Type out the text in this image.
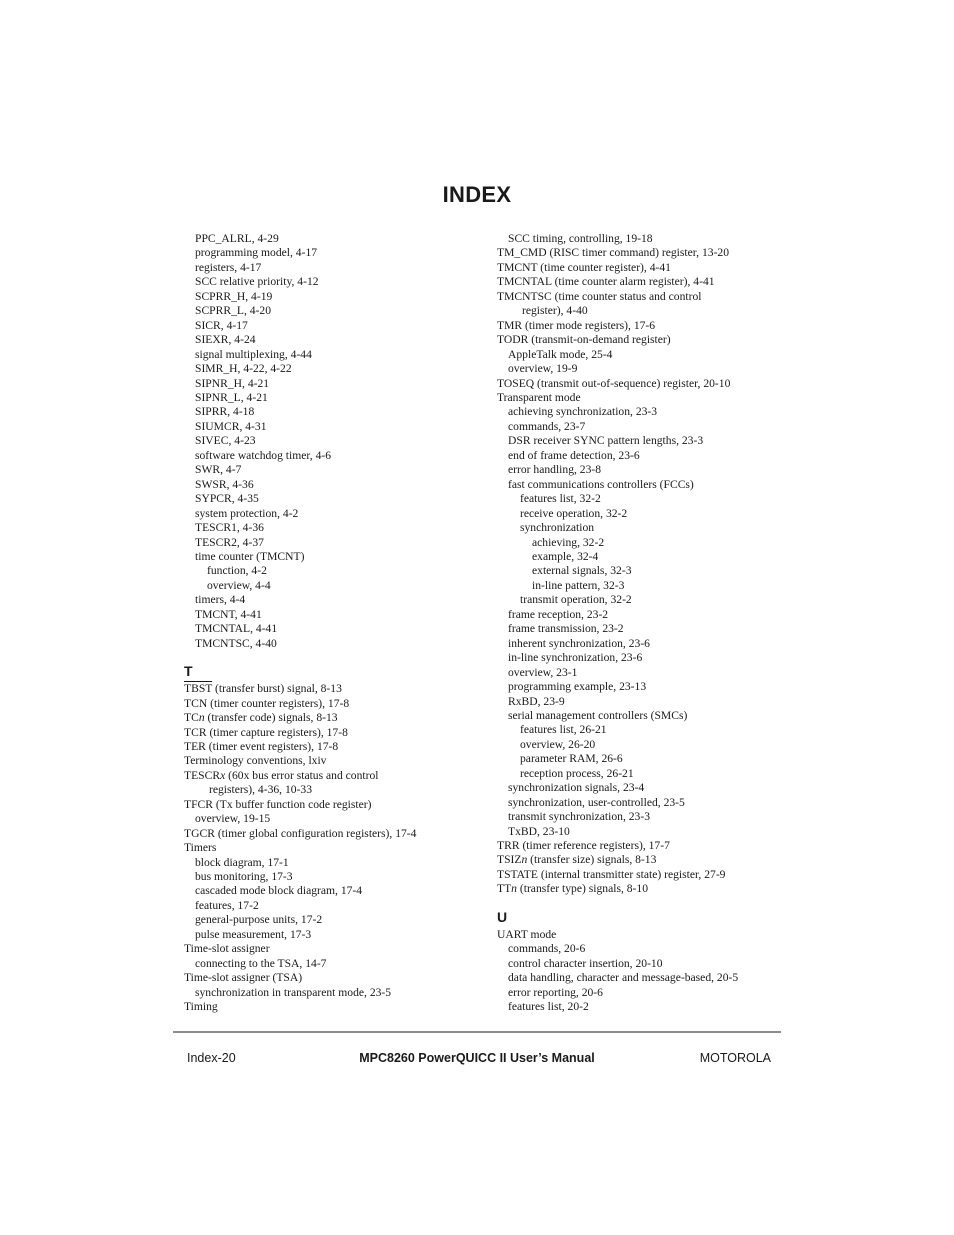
INDEX
PPC_ALRL, 4-29
programming model, 4-17
registers, 4-17
SCC relative priority, 4-12
SCPRR_H, 4-19
SCPRR_L, 4-20
SICR, 4-17
SIEXR, 4-24
signal multiplexing, 4-44
SIMR_H, 4-22, 4-22
SIPNR_H, 4-21
SIPNR_L, 4-21
SIPRR, 4-18
SIUMCR, 4-31
SIVEC, 4-23
software watchdog timer, 4-6
SWR, 4-7
SWSR, 4-36
SYPCR, 4-35
system protection, 4-2
TESCR1, 4-36
TESCR2, 4-37
time counter (TMCNT)
function, 4-2
overview, 4-4
timers, 4-4
TMCNT, 4-41
TMCNTAL, 4-41
TMCNTSC, 4-40
T
TBST (transfer burst) signal, 8-13
TCN (timer counter registers), 17-8
TCn (transfer code) signals, 8-13
TCR (timer capture registers), 17-8
TER (timer event registers), 17-8
Terminology conventions, lxiv
TESCRx (60x bus error status and control
registers), 4-36, 10-33
TFCR (Tx buffer function code register)
overview, 19-15
TGCR (timer global configuration registers), 17-4
Timers
block diagram, 17-1
bus monitoring, 17-3
cascaded mode block diagram, 17-4
features, 17-2
general-purpose units, 17-2
pulse measurement, 17-3
Time-slot assigner
connecting to the TSA, 14-7
Time-slot assigner (TSA)
synchronization in transparent mode, 23-5
Timing
SCC timing, controlling, 19-18
TM_CMD (RISC timer command) register, 13-20
TMCNT (time counter register), 4-41
TMCNTAL (time counter alarm register), 4-41
TMCNTSC (time counter status and control
register), 4-40
TMR (timer mode registers), 17-6
TODR (transmit-on-demand register)
AppleTalk mode, 25-4
overview, 19-9
TOSEQ (transmit out-of-sequence) register, 20-10
Transparent mode
achieving synchronization, 23-3
commands, 23-7
DSR receiver SYNC pattern lengths, 23-3
end of frame detection, 23-6
error handling, 23-8
fast communications controllers (FCCs)
features list, 32-2
receive operation, 32-2
synchronization
achieving, 32-2
example, 32-4
external signals, 32-3
in-line pattern, 32-3
transmit operation, 32-2
frame reception, 23-2
frame transmission, 23-2
inherent synchronization, 23-6
in-line synchronization, 23-6
overview, 23-1
programming example, 23-13
RxBD, 23-9
serial management controllers (SMCs)
features list, 26-21
overview, 26-20
parameter RAM, 26-6
reception process, 26-21
synchronization signals, 23-4
synchronization, user-controlled, 23-5
transmit synchronization, 23-3
TxBD, 23-10
TRR (timer reference registers), 17-7
TSIZn (transfer size) signals, 8-13
TSTATE (internal transmitter state) register, 27-9
TTn (transfer type) signals, 8-10
U
UART mode
commands, 20-6
control character insertion, 20-10
data handling, character and message-based, 20-5
error reporting, 20-6
features list, 20-2
Index-20	MPC8260 PowerQUICC II User’s Manual	MOTOROLA
